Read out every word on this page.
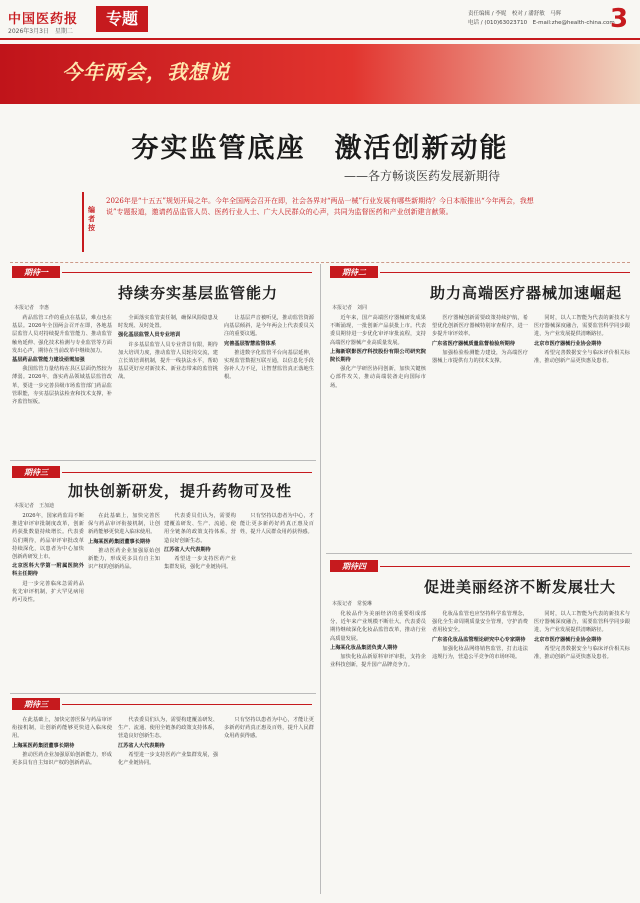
中国医药报
2026年3月3日　星期二
专题	责任编辑 / 李妮　校对 / 潘舒敏　马辉
电话 / (010)63023710　E-mail:zhe@health-china.com
3
今年两会，我想说
夯实监管底座　激活创新动能
——各方畅谈医药发展新期待
编者按
2026年是“十五五”规划开局之年。今年全国两会召开在即，社会各界对“两品一械”行业发展有哪些新期待？今日本版推出“今年两会，我想说”专题报道，邀请药品监管人员、医药行业人士、广大人民群众的心声，共同为监督医药和产业创新建言献策。
期待一
持续夯实基层监管能力
本报记者　李惠

药品监管工作的重点在基层，难点也在基层。2026年全国两会召开在即，各地基层监管人员对持续提升监管能力、推动监管触角延伸、强化技术检测与专业监管等方面发出心声，期待在当前改革中继续加力。

基层药品监管能力建设亟需加强

我国监管力量结构在县区层面仍然较为薄弱。2026年，落实药品领域基层监管改革，要进一步完善县级市场监管部门药品监管职能，夯实基层执法检查和技术支撑，补齐监管短板。

全面落实监管责任制，确保风险隐患及时发现、及时处置。

强化基层监管人员专业培训

许多基层监管人员专业背景有限，期待加大培训力度，推动监管人员轮岗交流，建立长效培训机制，提升一线执法水平，帮助基层更好应对新技术、新业态带来的监管挑战。

让基层声音被听见，推动监管资源向基层倾斜，是今年两会上代表委员关注的重要议题。

完善基层智慧监管体系

推进数字化监管平台向基层延伸，实现监管数据互联互通，以信息化手段弥补人力不足，让智慧监管真正落地生根。

期待二
助力高端医疗器械加速崛起
本报记者　刘同

近年来，国产高端医疗器械研发成果不断涌现，一批创新产品获批上市。代表委员期待进一步优化审评审批流程，支持高端医疗器械产业高质量发展。

上海新联影医疗科技股份有限公司研究院院长期待

强化产学研医协同创新，加快关键核心部件攻关，推动高端装备走向国际市场。

医疗器械创新需要政策持续护航，希望优化创新医疗器械特别审查程序，进一步提升审评效率。

广东省医疗器械质量监督检验所期待

加强检验检测能力建设，为高端医疗器械上市提供有力的技术支撑。

同时，以人工智能为代表的新技术与医疗器械深度融合，需要监管科学同步跟进，为产业发展提供清晰路径。

北京市医疗器械行业协会期待

希望完善数据安全与临床评价相关标准，推动创新产品更快惠及患者。

期待三
加快创新研发，提升药物可及性
本报记者　王加迪

2026年，国家药监局不断推进审评审批制度改革，创新药获批数量持续增长。代表委员们期待，药品审评审批改革持续深化，以患者为中心加快创新药研发上市。

北京医科大学第一附属医院外科主任期待

进一步完善临床急需药品优先审评机制，扩大罕见病用药可及性。

在此基础上，加快完善医保与药品审评衔接机制，让创新药能够更快进入临床使用。

上海某医药集团董事长期待

推动医药企业加强原始创新能力，形成更多具有自主知识产权的创新药品。

代表委员们认为，需要构建覆盖研发、生产、流通、使用全链条的政策支持体系，营造良好创新生态。

江苏省人大代表期待

希望进一步支持医药产业集群发展，强化产业链协同。

只有坚持以患者为中心，才能让更多新药好药真正惠及百姓，提升人民群众用药获得感。

期待三
期待四
促进美丽经济不断发展壮大
本报记者　常悦琳

化妆品作为美丽经济的重要组成部分，近年来产业规模不断壮大。代表委员期待继续深化化妆品监管改革，推动行业高质量发展。

上海某化妆品集团负责人期待

加快化妆品新原料审评审批，支持企业科技创新，提升国产品牌竞争力。

化妆品监管也应坚持科学监管理念，强化全生命周期质量安全管理，守护消费者用妆安全。

广东省化妆品监管理论研究中心专家期待

加强化妆品网络销售监管，打击违法违规行为，营造公平竞争的市场环境。

在此基础上，加快完善医保与药品审评衔接机制，让创新药能够更快进入临床使用。

上海某医药集团董事长期待

推动医药企业加强原始创新能力，形成更多具有自主知识产权的创新药品。

代表委员们认为，需要构建覆盖研发、生产、流通、使用全链条的政策支持体系，营造良好创新生态。

江苏省人大代表期待

希望进一步支持医药产业集群发展，强化产业链协同。

只有坚持以患者为中心，才能让更多新药好药真正惠及百姓，提升人民群众用药获得感。

同时，以人工智能为代表的新技术与医疗器械深度融合，需要监管科学同步跟进，为产业发展提供清晰路径。

北京市医疗器械行业协会期待

希望完善数据安全与临床评价相关标准，推动创新产品更快惠及患者。
